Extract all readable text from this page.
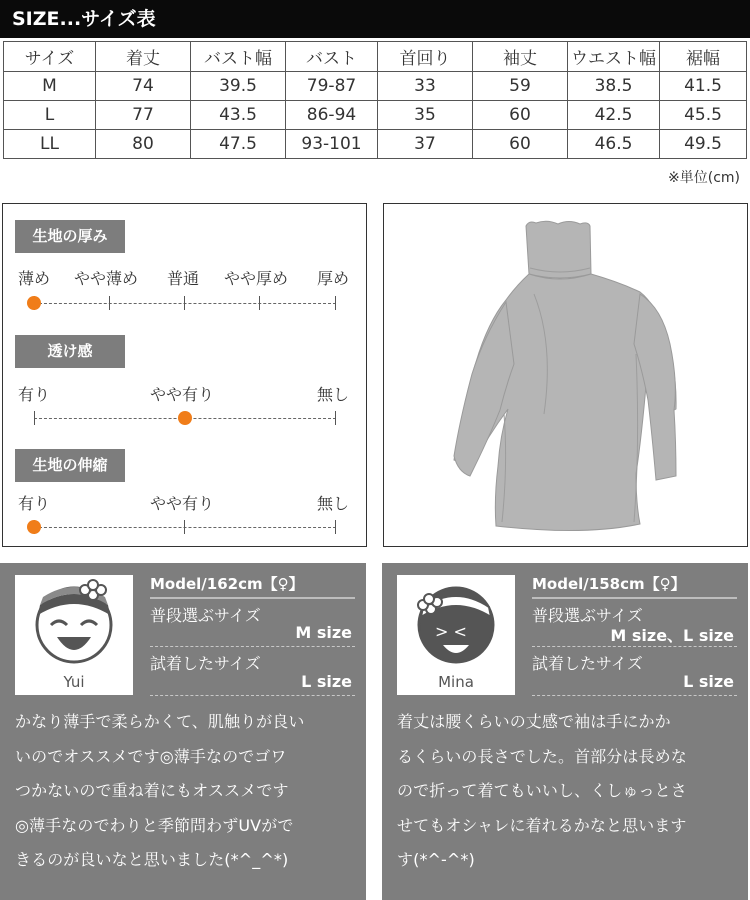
SIZE...サイズ表
サイズ	着丈	バスト幅	バスト	首回り	袖丈	ウエスト幅	裾幅
M	74	39.5	79-87	33	59	38.5	41.5
L	77	43.5	86-94	35	60	42.5	45.5
LL	80	47.5	93-101	37	60	46.5	49.5
※単位(cm)
生地の厚み
薄め やや薄め 普通 やや厚め 厚め
透け感
有り	やや有り	無し
生地の伸縮
有り	やや有り	無し
Yui
Model/162cm【♀】
普段選ぶサイズ
M size
試着したサイズ
L size
かなり薄手で柔らかくて、肌触りが良い
いのでオススメです◎薄手なのでゴワ
つかないので重ね着にもオススメです
◎薄手なのでわりと季節問わずUVがで
きるのが良いなと思いました(*^_^*)
> <
Mina
Model/158cm【♀】
普段選ぶサイズ
M size、L size
試着したサイズ
L size
着丈は腰くらいの丈感で袖は手にかか
るくらいの長さでした。首部分は長めな
ので折って着てもいいし、くしゅっとさ
せてもオシャレに着れるかなと思います
す(*^-^*)
